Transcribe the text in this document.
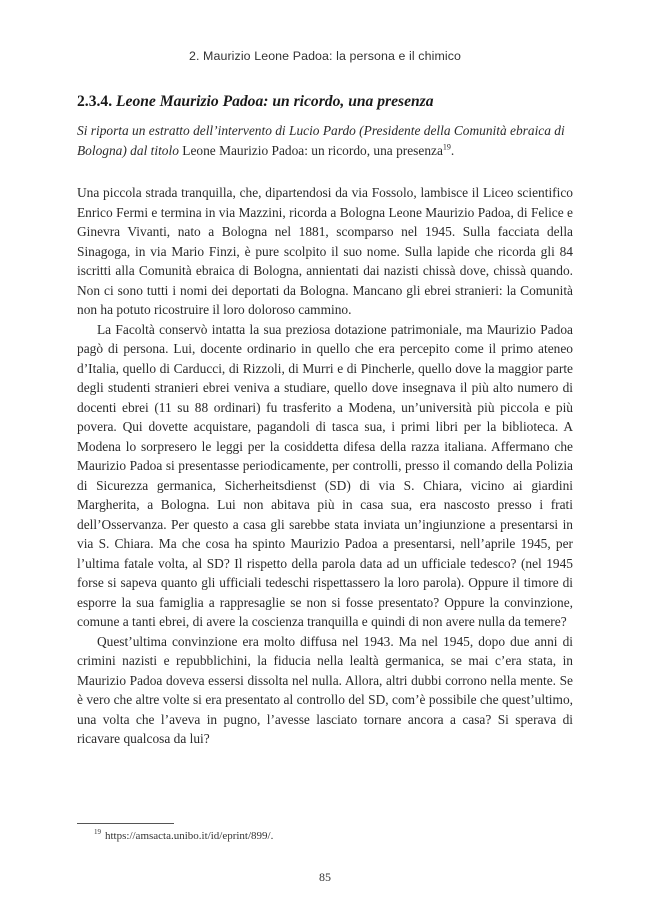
2. Maurizio Leone Padoa: la persona e il chimico
2.3.4. Leone Maurizio Padoa: un ricordo, una presenza

Si riporta un estratto dell’intervento di Lucio Pardo (Presidente della Comunità ebraica di Bologna) dal titolo Leone Maurizio Padoa: un ricordo, una presenza$^{19}$.

Una piccola strada tranquilla, che, dipartendosi da via Fossolo, lambisce il Liceo scientifico Enrico Fermi e termina in via Mazzini, ricorda a Bologna Leone Maurizio Padoa, di Felice e Ginevra Vivanti, nato a Bologna nel 1881, scomparso nel 1945. Sulla facciata della Sinagoga, in via Mario Finzi, è pure scolpito il suo nome. Sulla lapide che ricorda gli 84 iscritti alla Comunità ebraica di Bologna, annientati dai nazisti chissà dove, chissà quando. Non ci sono tutti i nomi dei deportati da Bologna. Mancano gli ebrei stranieri: la Comunità non ha potuto ricostruire il loro doloroso cammino.

La Facoltà conservò intatta la sua preziosa dotazione patrimoniale, ma Maurizio Padoa pagò di persona. Lui, docente ordinario in quello che era percepito come il primo ateneo d’Italia, quello di Carducci, di Rizzoli, di Murri e di Pincherle, quello dove la maggior parte degli studenti stranieri ebrei veniva a studiare, quello dove insegnava il più alto numero di docenti ebrei (11 su 88 ordinari) fu trasferito a Modena, un’università più piccola e più povera. Qui dovette acquistare, pagandoli di tasca sua, i primi libri per la biblioteca. A Modena lo sorpresero le leggi per la cosiddetta difesa della razza italiana. Affermano che Maurizio Padoa si presentasse periodicamente, per controlli, presso il comando della Polizia di Sicurezza germanica, Sicherheitsdienst (SD) di via S. Chiara, vicino ai giardini Margherita, a Bologna. Lui non abitava più in casa sua, era nascosto presso i frati dell’Osservanza. Per questo a casa gli sarebbe stata inviata un’ingiunzione a presentarsi in via S. Chiara. Ma che cosa ha spinto Maurizio Padoa a presentarsi, nell’aprile 1945, per l’ultima fatale volta, al SD? Il rispetto della parola data ad un ufficiale tedesco? (nel 1945 forse si sapeva quanto gli ufficiali tedeschi rispettassero la loro parola). Oppure il timore di esporre la sua famiglia a rappresaglie se non si fosse presentato? Oppure la convinzione, comune a tanti ebrei, di avere la coscienza tranquilla e quindi di non avere nulla da temere?

Quest’ultima convinzione era molto diffusa nel 1943. Ma nel 1945, dopo due anni di crimini nazisti e repubblichini, la fiducia nella lealtà germanica, se mai c’era stata, in Maurizio Padoa doveva essersi dissolta nel nulla. Allora, altri dubbi corrono nella mente. Se è vero che altre volte si era presentato al controllo del SD, com’è possibile che quest’ultimo, una volta che l’aveva in pugno, l’avesse lasciato tornare ancora a casa? Si sperava di ricavare qualcosa da lui?

$^{19}$ https://amsacta.unibo.it/id/eprint/899/.
85
